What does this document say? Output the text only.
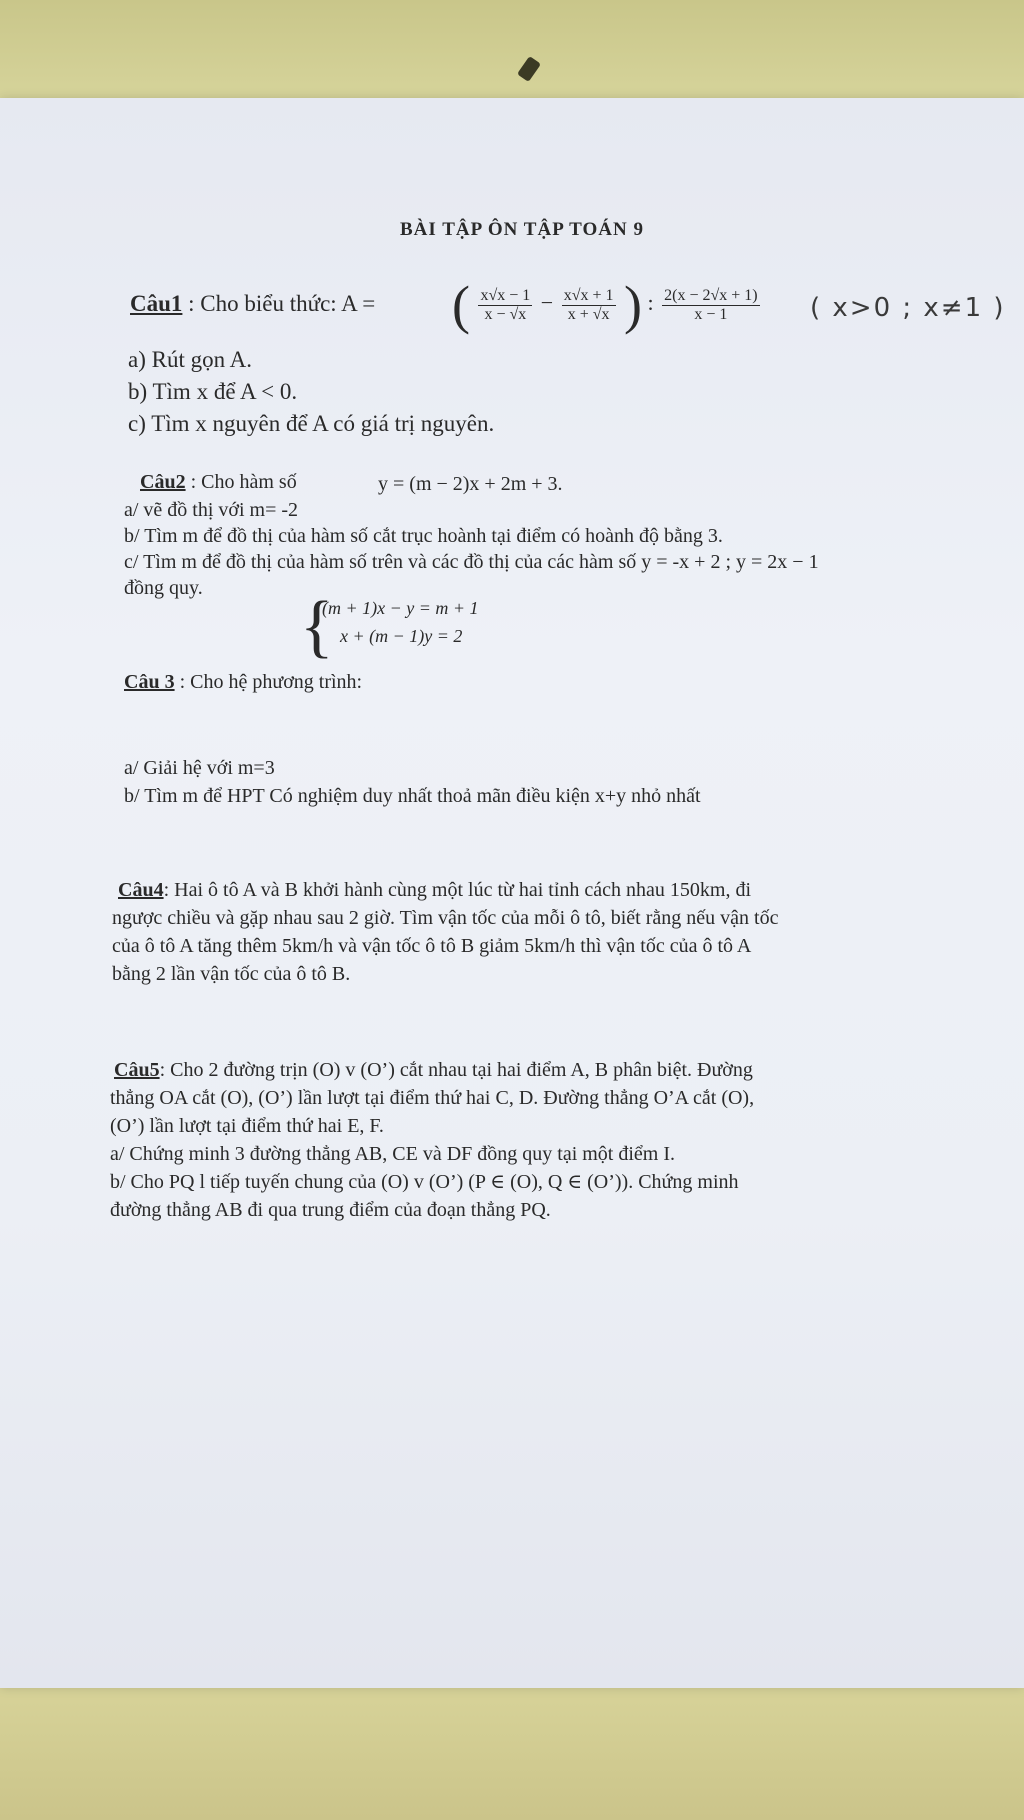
BÀI TẬP ÔN TẬP TOÁN 9
Câu1 : Cho biểu thức: A = ( $\frac{x√x - 1}{x - √x} - \frac{x√x + 1}{x + √x}$ ) : $\frac{2(x - 2√x + 1)}{x - 1}$ ( x>0 ; x≠1 )
a) Rút gọn A.
b) Tìm x để A < 0.
c) Tìm x nguyên để A có giá trị nguyên.
Câu2 : Cho hàm số	y = (m − 2)x + 2m + 3.
a/ vẽ đồ thị với m= -2
b/ Tìm m để đồ thị của hàm số cắt trục hoành tại điểm có hoành độ bằng 3.
c/ Tìm m để đồ thị của hàm số trên và các đồ thị của các hàm số y = -x + 2 ; y = 2x − 1
đồng quy.
Câu 3 : Cho hệ phương trình:
{
(m + 1)x − y = m + 1
x + (m − 1)y = 2
a/ Giải hệ với m=3
b/ Tìm m để HPT Có nghiệm duy nhất thoả mãn điều kiện x+y nhỏ nhất
Câu4: Hai ô tô A và B khởi hành cùng một lúc từ hai tỉnh cách nhau 150km, đi
ngược chiều và gặp nhau sau 2 giờ. Tìm vận tốc của mỗi ô tô, biết rằng nếu vận tốc
của ô tô A tăng thêm 5km/h và vận tốc ô tô B giảm 5km/h thì vận tốc của ô tô A
bằng 2 lần vận tốc của ô tô B.
Câu5: Cho 2 đường trịn (O) v (O’) cắt nhau tại hai điểm A, B phân biệt. Đường
thẳng OA cắt (O), (O’) lần lượt tại điểm thứ hai C, D. Đường thẳng O’A cắt (O),
(O’) lần lượt tại điểm thứ hai E, F.
a/ Chứng minh 3 đường thẳng AB, CE và DF đồng quy tại một điểm I.
b/ Cho PQ l tiếp tuyến chung của (O) v (O’) (P ∈ (O), Q ∈ (O’)). Chứng minh
đường thẳng AB đi qua trung điểm của đoạn thẳng PQ.
